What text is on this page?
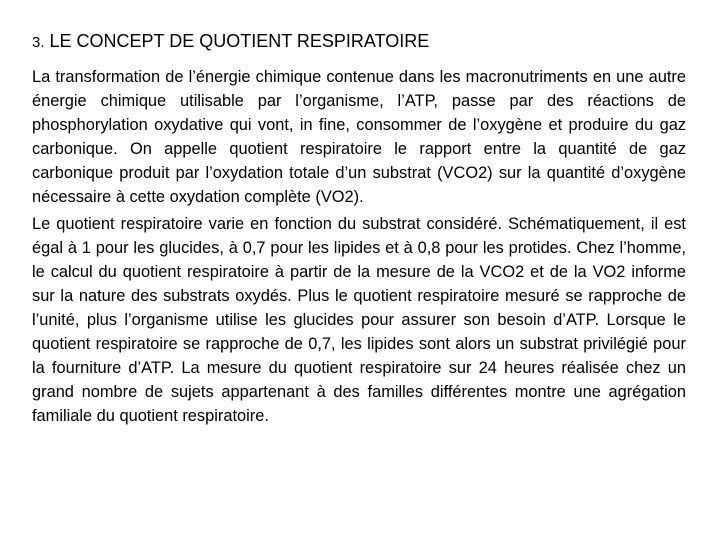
3. LE CONCEPT DE QUOTIENT RESPIRATOIRE

La transformation de l’énergie chimique contenue dans les macronutriments en une autre énergie chimique utilisable par l’organisme, l’ATP, passe par des réactions de phosphorylation oxydative qui vont, in fine, consommer de l’oxygène et produire du gaz carbonique. On appelle quotient respiratoire le rapport entre la quantité de gaz carbonique produit par l’oxydation totale d’un substrat (VCO2) sur la quantité d’oxygène nécessaire à cette oxydation complète (VO2).

Le quotient respiratoire varie en fonction du substrat considéré. Schématiquement, il est égal à 1 pour les glucides, à 0,7 pour les lipides et à 0,8 pour les protides. Chez l’homme, le calcul du quotient respiratoire à partir de la mesure de la VCO2 et de la VO2 informe sur la nature des substrats oxydés. Plus le quotient respiratoire mesuré se rapproche de l’unité, plus l’organisme utilise les glucides pour assurer son besoin d’ATP. Lorsque le quotient respiratoire se rapproche de 0,7, les lipides sont alors un substrat privilégié pour la fourniture d’ATP. La mesure du quotient respiratoire sur 24 heures réalisée chez un grand nombre de sujets appartenant à des familles différentes montre une agrégation familiale du quotient respiratoire.
